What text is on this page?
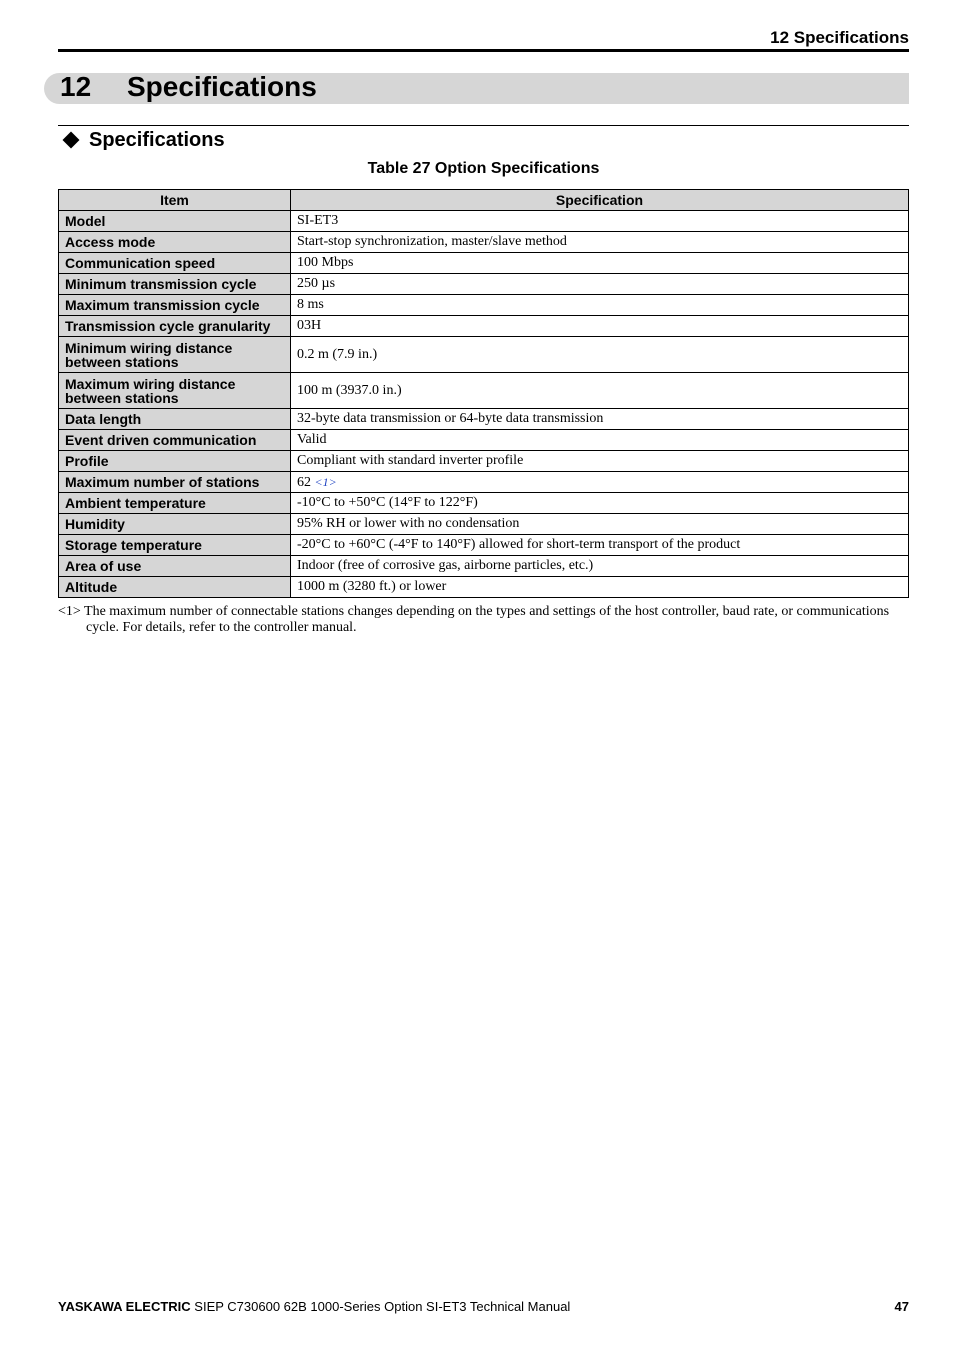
12 Specifications
12 Specifications
Specifications
Table 27 Option Specifications
Item	Specification
Model	SI-ET3
Access mode	Start-stop synchronization, master/slave method
Communication speed	100 Mbps
Minimum transmission cycle	250 µs
Maximum transmission cycle	8 ms
Transmission cycle granularity	03H
Minimum wiring distance between stations	0.2 m (7.9 in.)
Maximum wiring distance between stations	100 m (3937.0 in.)
Data length	32-byte data transmission or 64-byte data transmission
Event driven communication	Valid
Profile	Compliant with standard inverter profile
Maximum number of stations	62 <1>
Ambient temperature	-10°C to +50°C (14°F to 122°F)
Humidity	95% RH or lower with no condensation
Storage temperature	-20°C to +60°C (-4°F to 140°F) allowed for short-term transport of the product
Area of use	Indoor (free of corrosive gas, airborne particles, etc.)
Altitude	1000 m (3280 ft.) or lower
<1> The maximum number of connectable stations changes depending on the types and settings of the host controller, baud rate, or communications cycle. For details, refer to the controller manual.
YASKAWA ELECTRIC SIEP C730600 62B 1000-Series Option SI-ET3 Technical Manual	47
